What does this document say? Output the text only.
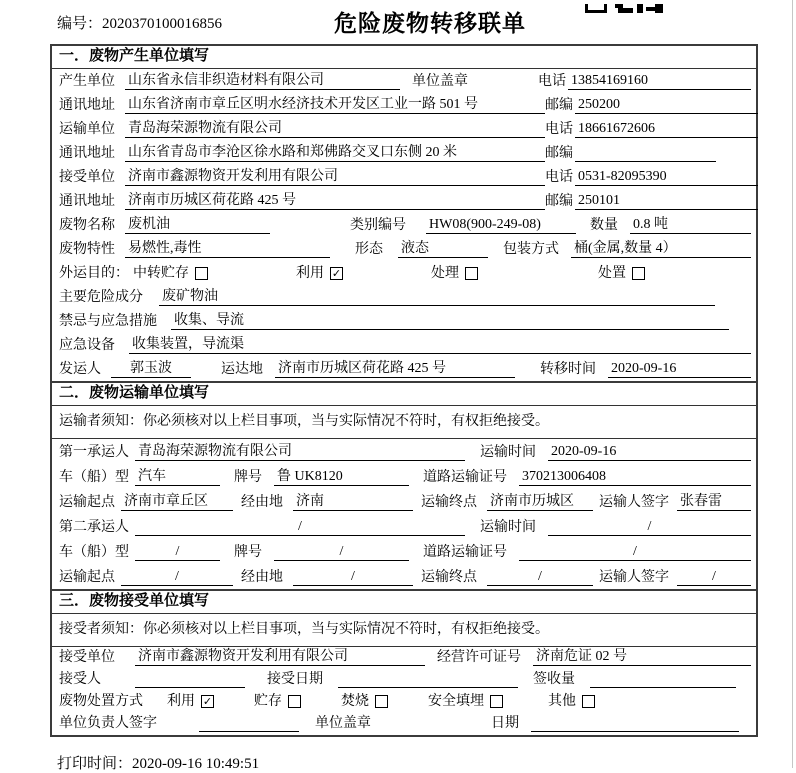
编号：2020370100016856	危险废物转移联单
一．废物产生单位填写
产生单位 山东省永信非织造材料有限公司	单位盖章	电话 13854169160
通讯地址 山东省济南市章丘区明水经济技术开发区工业一路 501 号	邮编 250200
运输单位 青岛海荣源物流有限公司	电话 18661672606
通讯地址 山东省青岛市李沧区徐水路和郑佛路交叉口东侧 20 米	邮编
接受单位 济南市鑫源物资开发利用有限公司	电话 0531-82095390
通讯地址 济南市历城区荷花路 425 号	邮编 250101
废物名称 废机油	类别编号 HW08(900-249-08)	数量 0.8 吨
废物特性 易燃性,毒性	形态 液态	包装方式 桶(金属,数量 4）
外运目的： 中转贮存	利用 ✓	处理	处置
主要危险成分	废矿物油
禁忌与应急措施	收集、导流
应急设备	收集装置，导流渠
发运人	郭玉波	运达地 济南市历城区荷花路 425 号	转移时间 2020-09-16
二．废物运输单位填写
运输者须知：你必须核对以上栏目事项，当与实际情况不符时，有权拒绝接受。
第一承运人 青岛海荣源物流有限公司	运输时间 2020-09-16
车（船）型 汽车	牌号 鲁 UK8120	道路运输证号 370213006408
运输起点 济南市章丘区	经由地 济南	运输终点 济南市历城区	运输人签字 张春雷
第二承运人	/	运输时间	/
车（船）型	/	牌号	/	道路运输证号	/
运输起点	/	经由地	/	运输终点	/	运输人签字	/
三．废物接受单位填写
接受者须知：你必须核对以上栏目事项，当与实际情况不符时，有权拒绝接受。
接受单位	济南市鑫源物资开发利用有限公司	经营许可证号 济南危证 02 号
接受人	接受日期	签收量
废物处置方式	利用 ✓	贮存	焚烧	安全填埋	其他
单位负责人签字	单位盖章	日期
打印时间：2020-09-16 10:49:51
